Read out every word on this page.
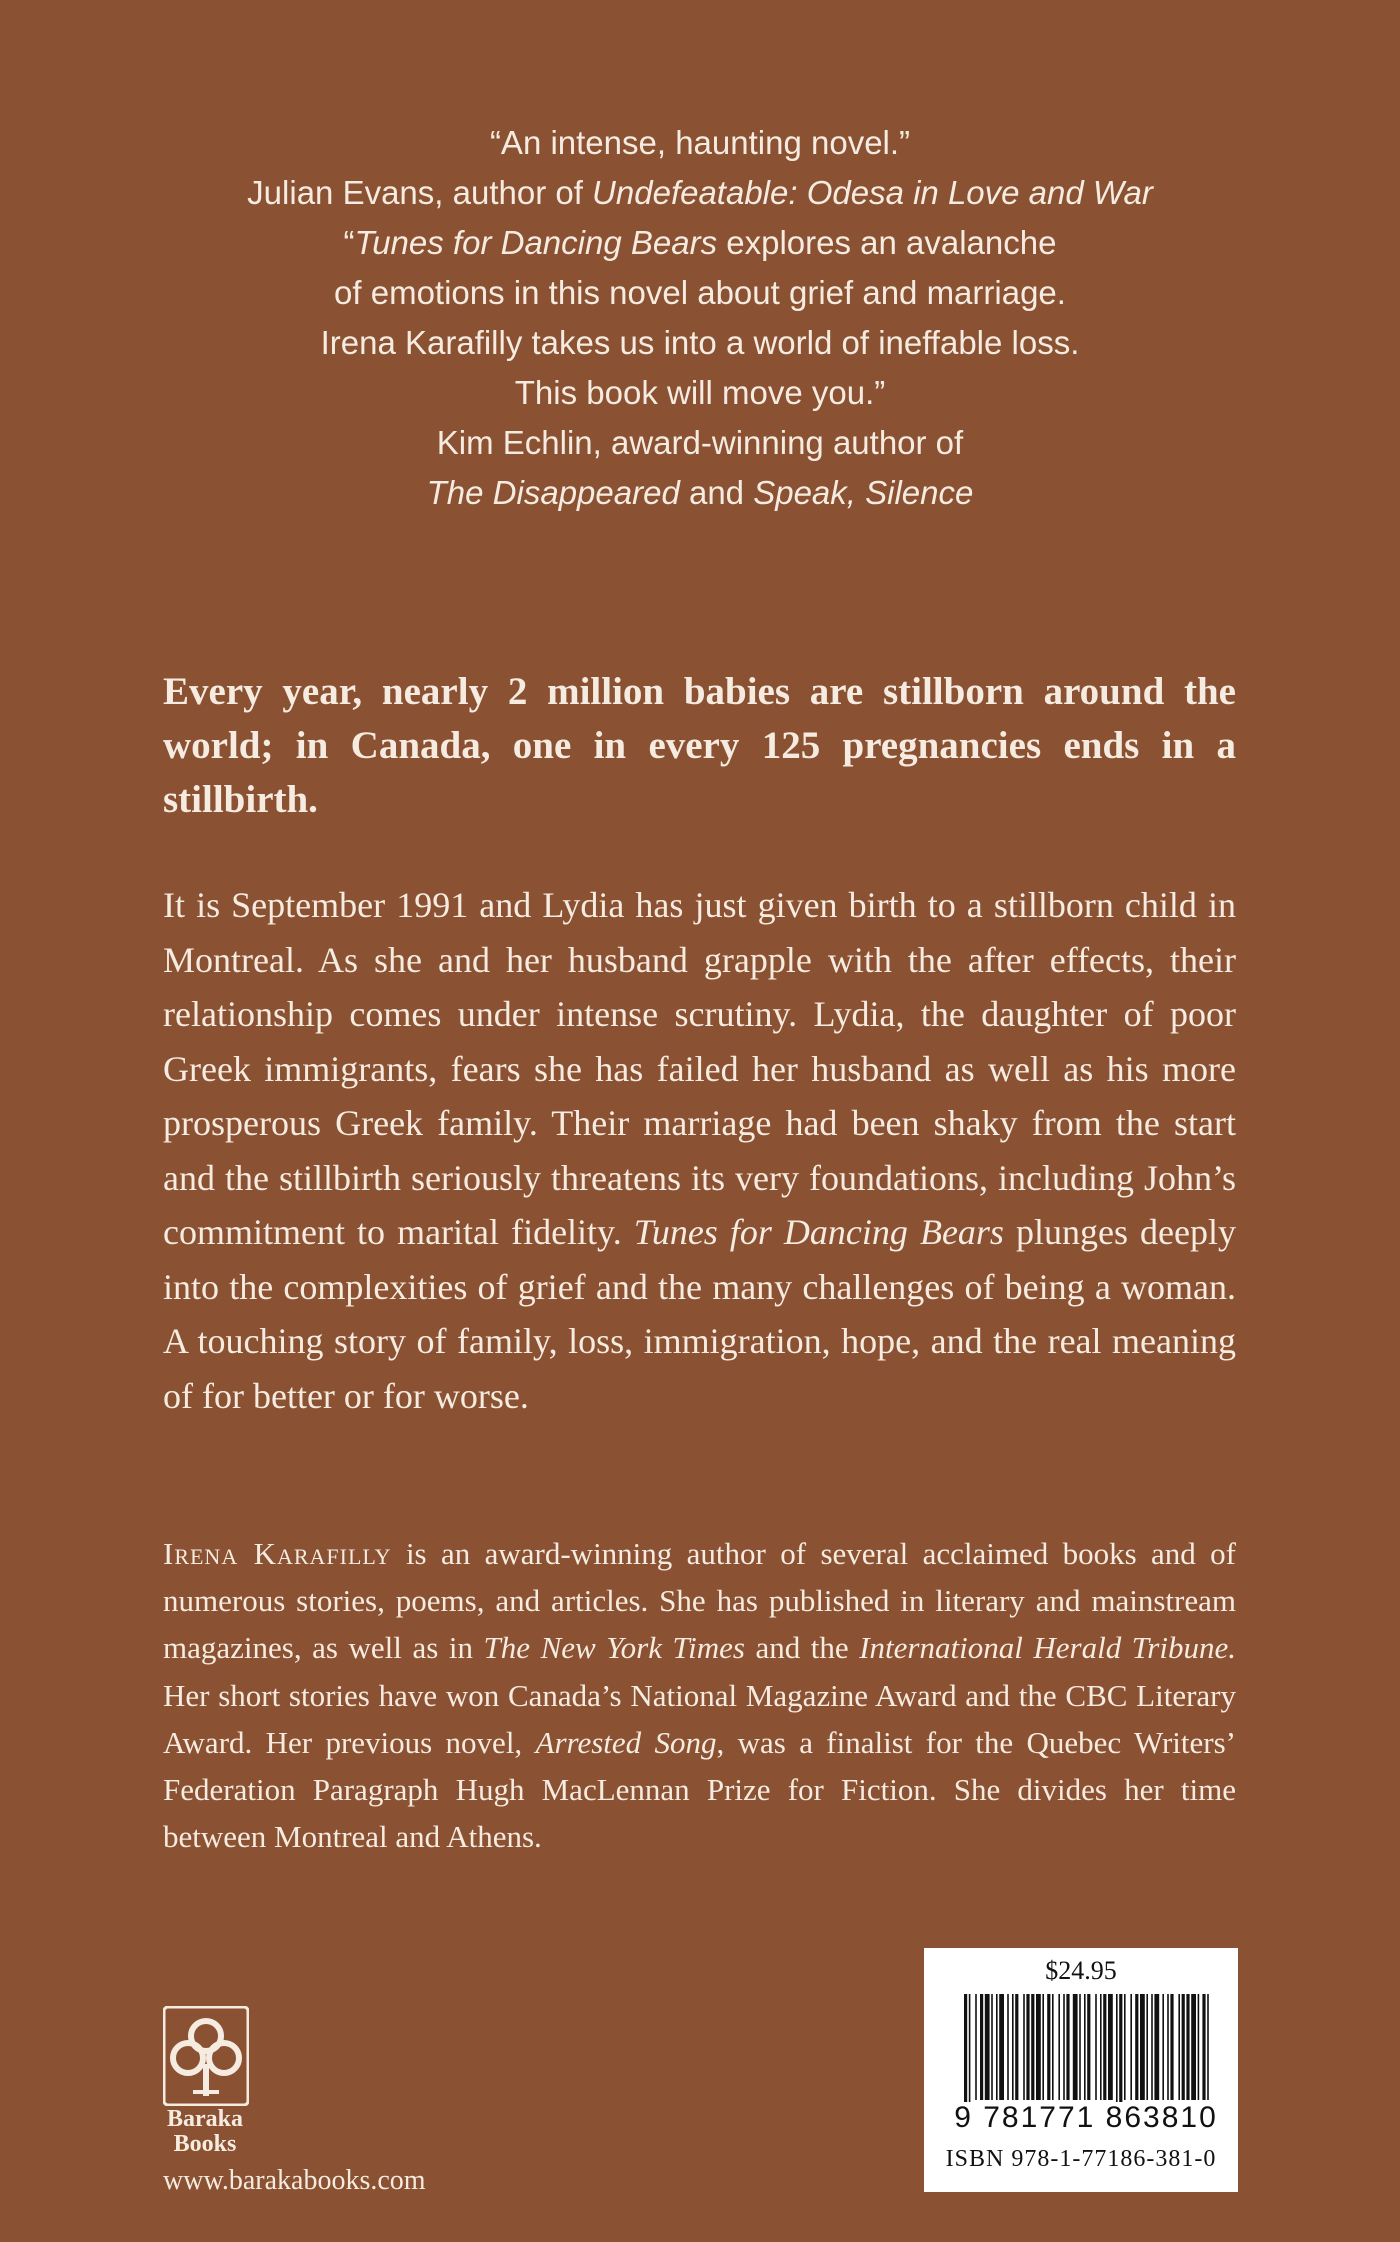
“An intense, haunting novel.”

Julian Evans, author of Undefeatable: Odesa in Love and War

“Tunes for Dancing Bears explores an avalanche

of emotions in this novel about grief and marriage.

Irena Karafilly takes us into a world of ineffable loss.

This book will move you.”

Kim Echlin, award-winning author of

The Disappeared and Speak, Silence

Every year, nearly 2 million babies are stillborn around the world; in Canada, one in every 125 pregnancies ends in a stillbirth.

It is September 1991 and Lydia has just given birth to a stillborn child in Montreal. As she and her husband grapple with the after effects, their relationship comes under intense scrutiny. Lydia, the daughter of poor Greek immigrants, fears she has failed her husband as well as his more prosperous Greek family. Their marriage had been shaky from the start and the stillbirth seriously threatens its very foundations, including John’s commitment to marital fidelity. Tunes for Dancing Bears plunges deeply into the complexities of grief and the many challenges of being a woman. A touching story of family, loss, immigration, hope, and the real meaning of for better or for worse.

Irena Karafilly is an award-winning author of several acclaimed books and of numerous stories, poems, and articles. She has published in literary and mainstream magazines, as well as in The New York Times and the International Herald Tribune. Her short stories have won Canada’s National Magazine Award and the CBC Literary Award. Her previous novel, Arrested Song, was a finalist for the Quebec Writers’ Federation Paragraph Hugh MacLennan Prize for Fiction. She divides her time between Montreal and Athens.

Baraka
Books
www.barakabooks.com
$24.95
9 781771 863810
ISBN 978-1-77186-381-0
